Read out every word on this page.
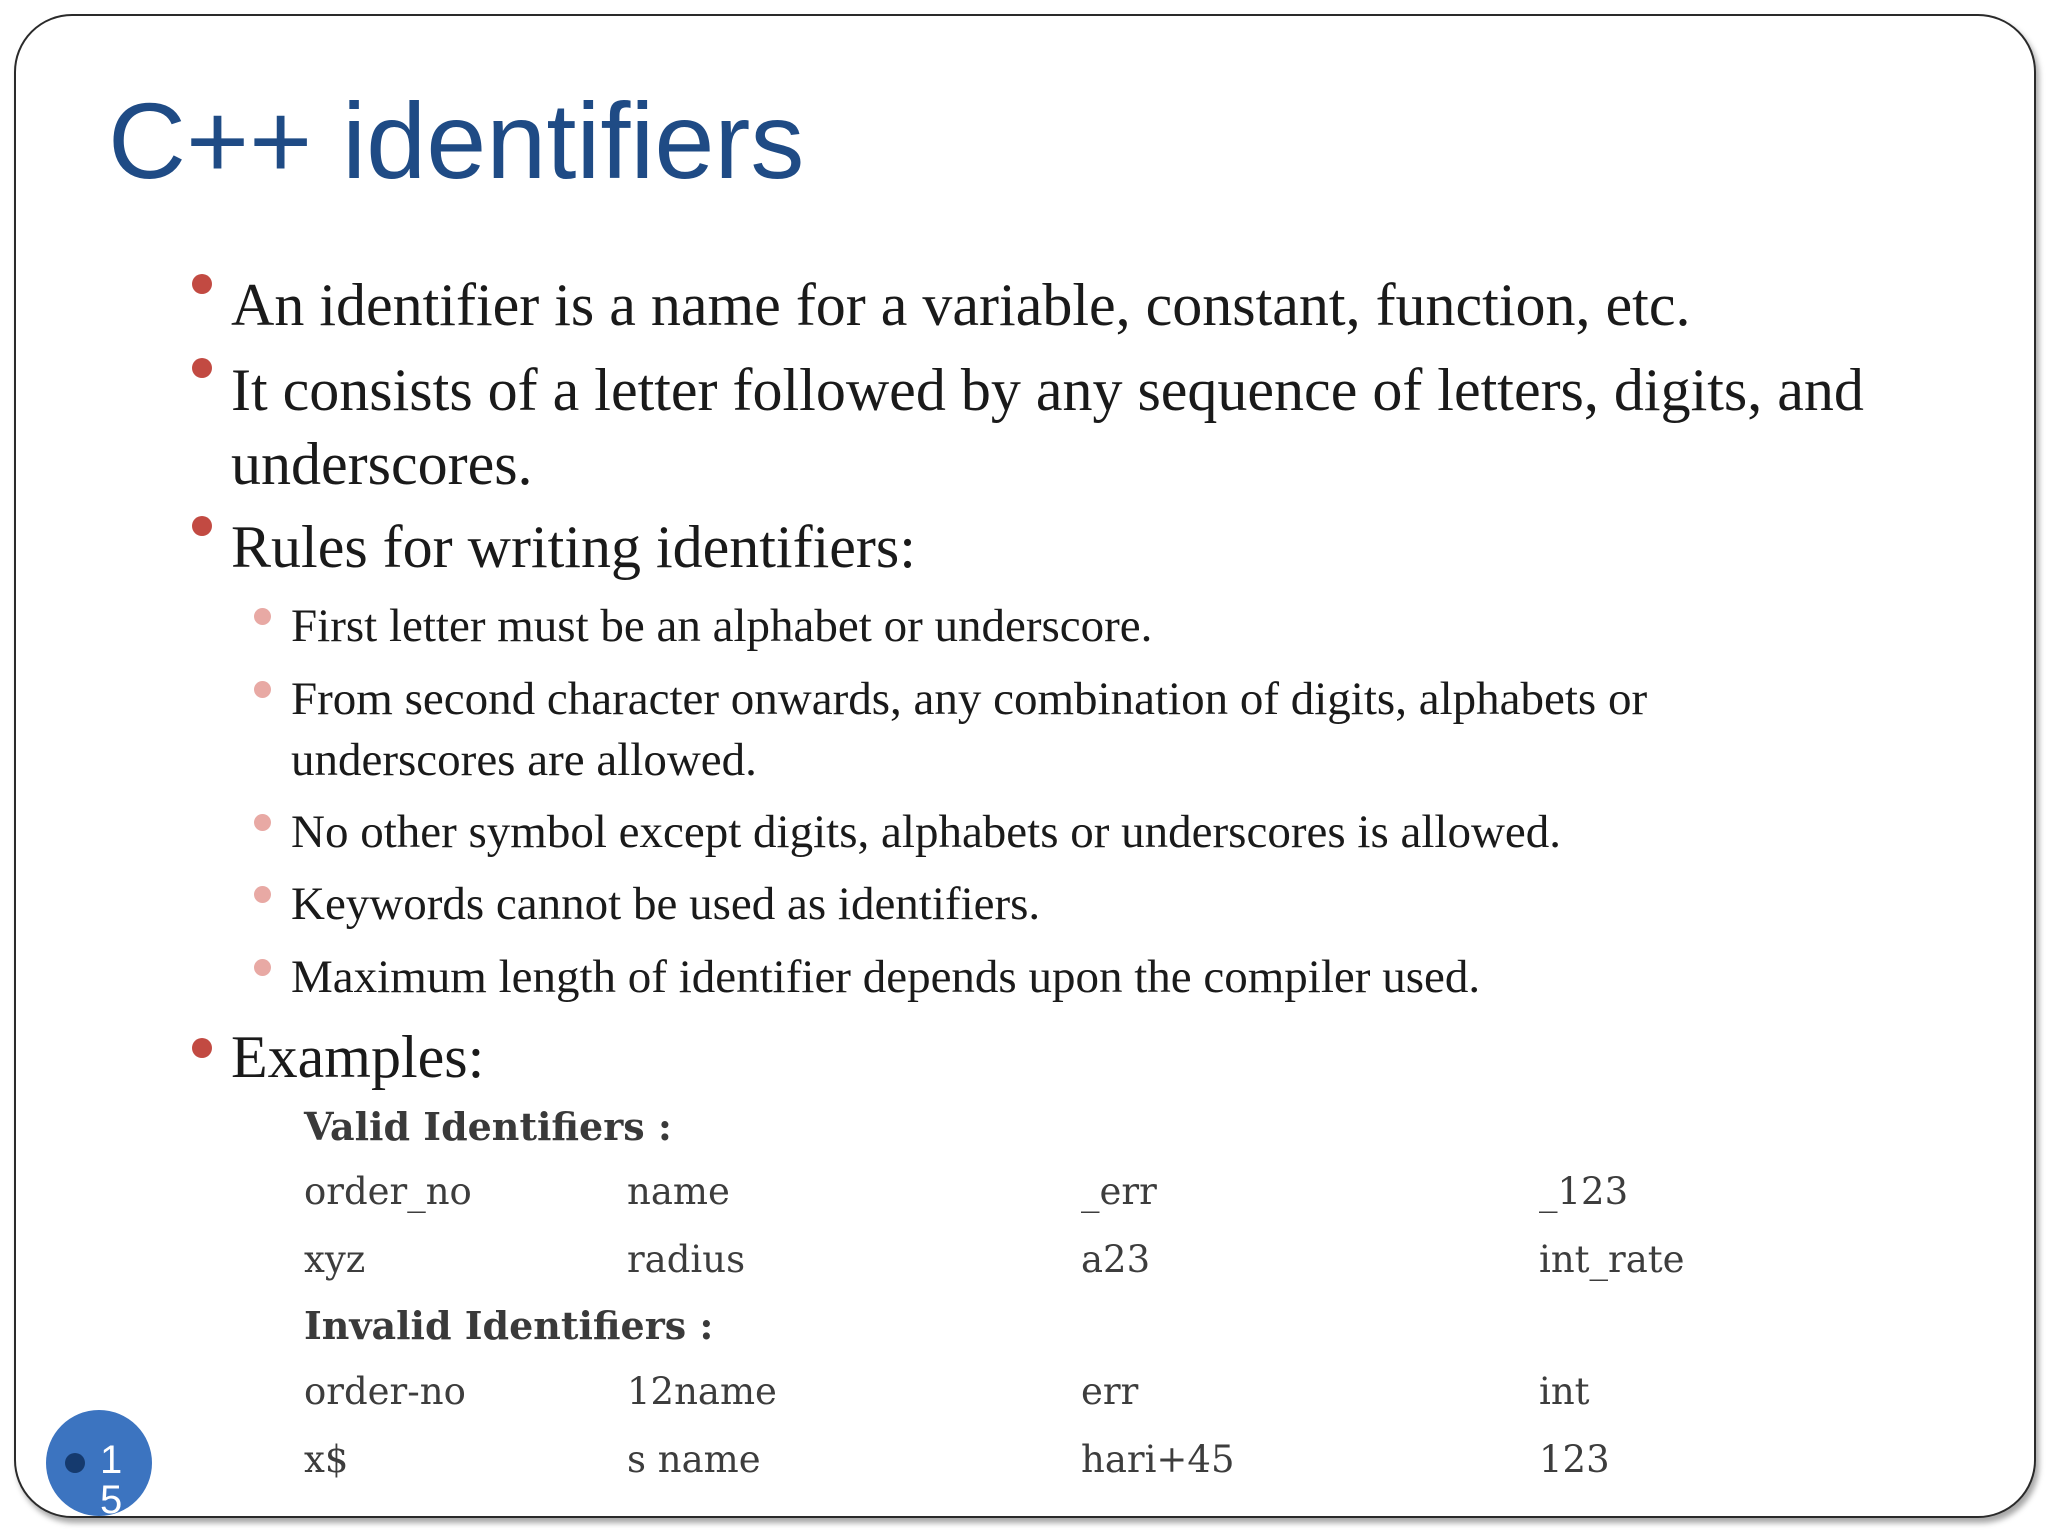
C++ identifiers
An identifier is a name for a variable, constant, function, etc.
It consists of a letter followed by any sequence of letters, digits, and underscores.
Rules for writing identifiers:
First letter must be an alphabet or underscore.
From second character onwards, any combination of digits, alphabets or underscores are allowed.
No other symbol except digits, alphabets or underscores is allowed.
Keywords cannot be used as identifiers.
Maximum length of identifier depends upon the compiler used.
Examples:
Valid Identifiers :
order_no	name	_err	_123
xyz	radius	a23	int_rate
Invalid Identifiers :
order-no	12name	err	int
x$	s name	hari+45	123
15
